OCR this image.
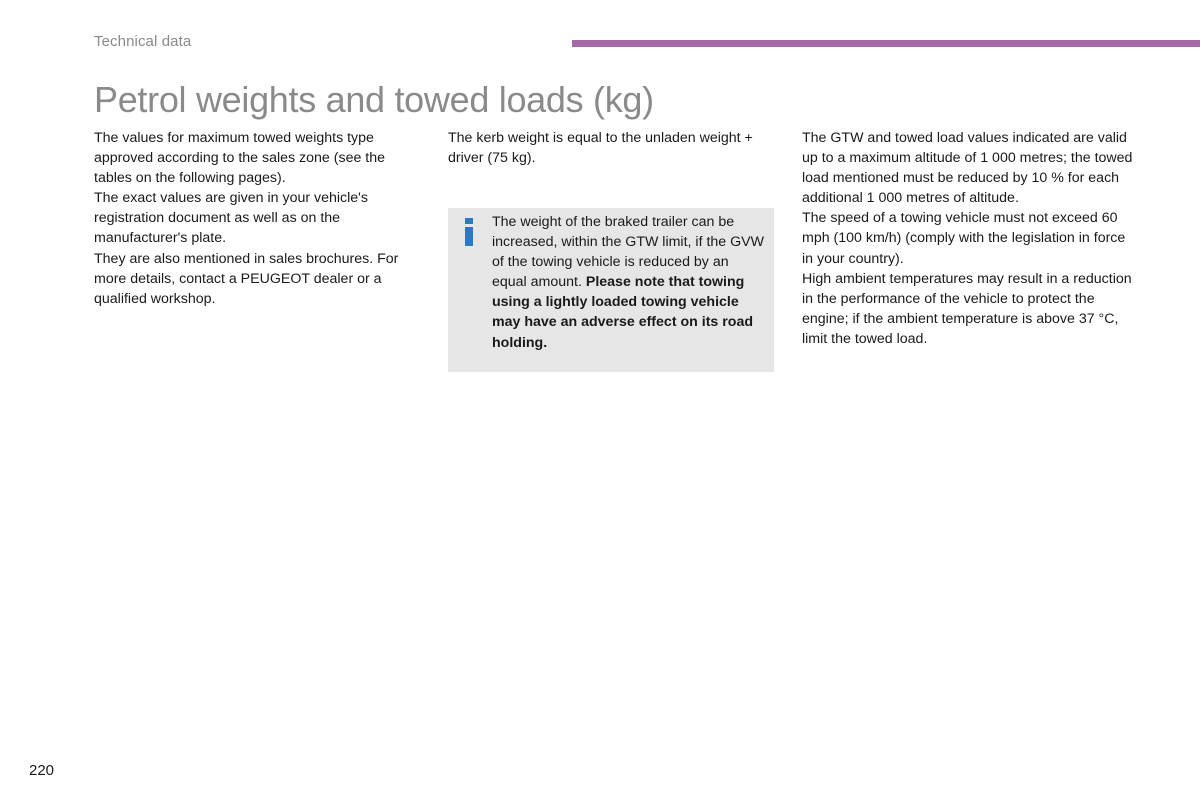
Technical data
Petrol weights and towed loads (kg)

The values for maximum towed weights type approved according to the sales zone (see the tables on the following pages).

The exact values are given in your vehicle's registration document as well as on the manufacturer's plate.

They are also mentioned in sales brochures. For more details, contact a PEUGEOT dealer or a qualified workshop.

The kerb weight is equal to the unladen weight + driver (75 kg).

The weight of the braked trailer can be increased, within the GTW limit, if the GVW of the towing vehicle is reduced by an equal amount. Please note that towing using a lightly loaded towing vehicle may have an adverse effect on its road holding.

The GTW and towed load values indicated are valid up to a maximum altitude of 1 000 metres; the towed load mentioned must be reduced by 10 % for each additional 1 000 metres of altitude.

The speed of a towing vehicle must not exceed 60 mph (100 km/h) (comply with the legislation in force in your country).

High ambient temperatures may result in a reduction in the performance of the vehicle to protect the engine; if the ambient temperature is above 37 °C, limit the towed load.

220
